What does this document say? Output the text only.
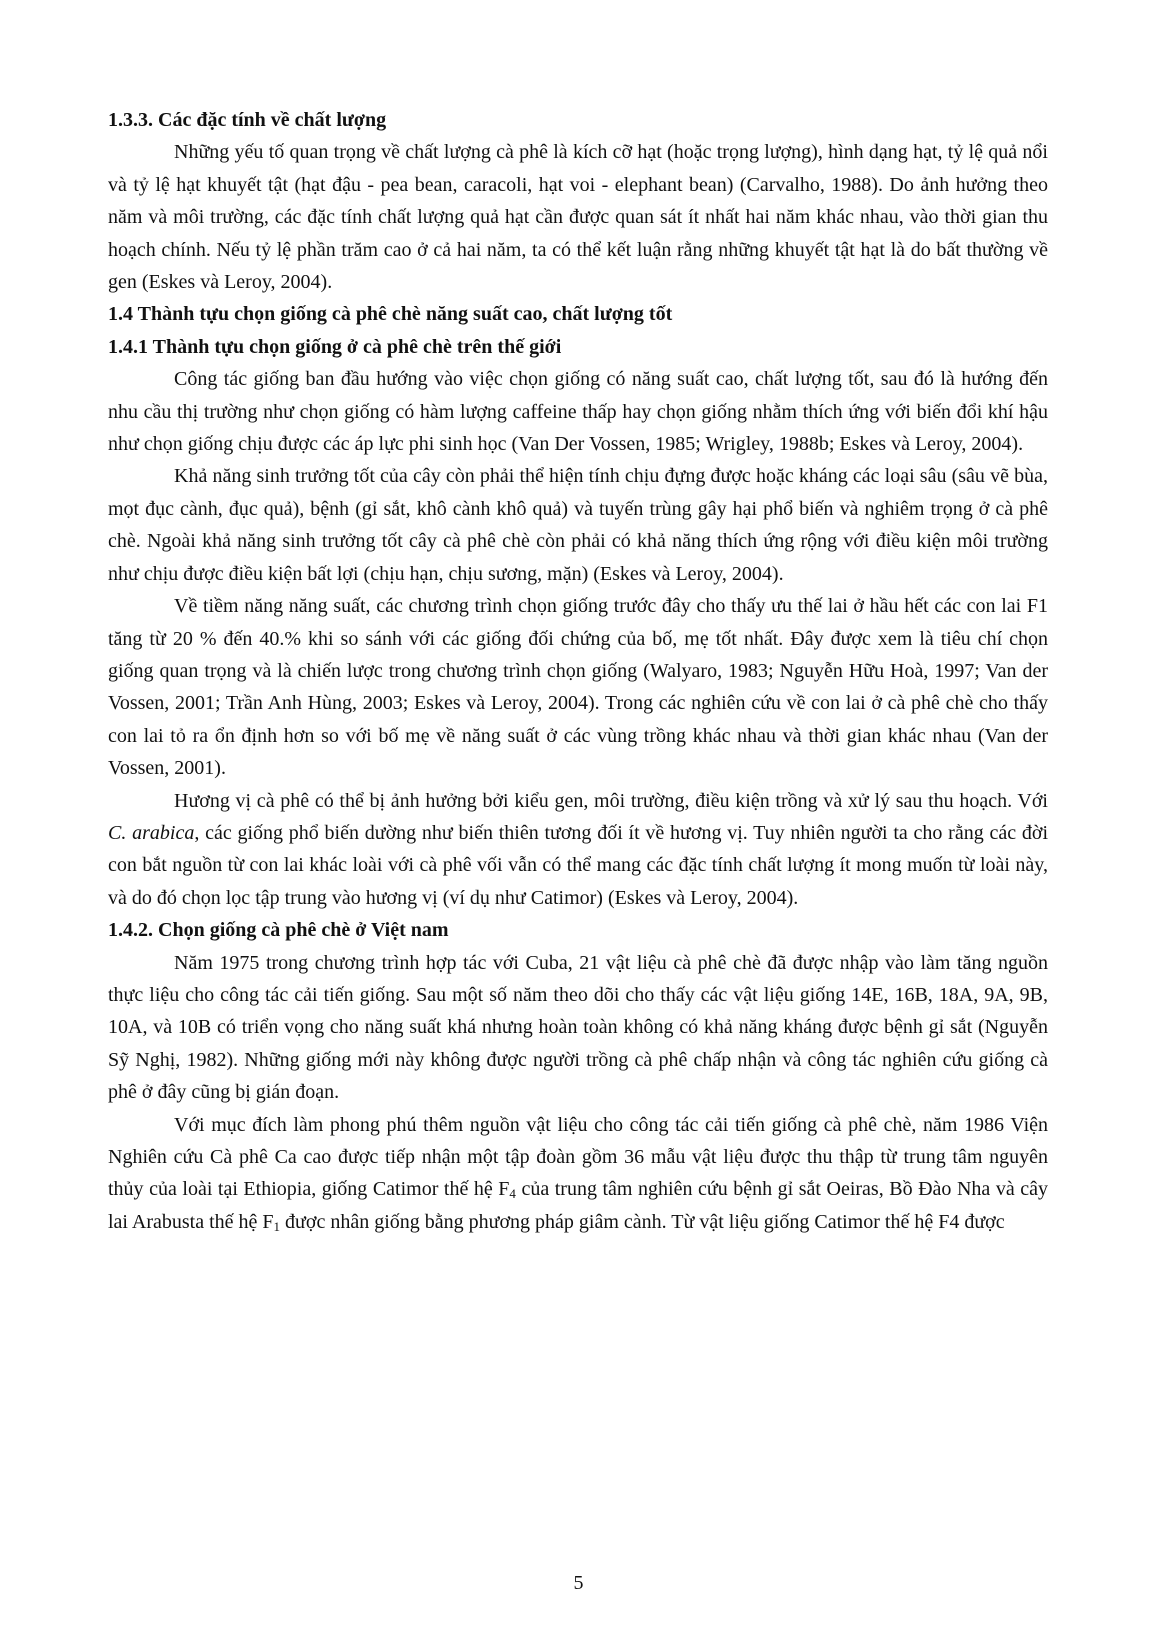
1.3.3. Các đặc tính về chất lượng

Những yếu tố quan trọng về chất lượng cà phê là kích cỡ hạt (hoặc trọng lượng), hình dạng hạt, tỷ lệ quả nổi và tỷ lệ hạt khuyết tật (hạt đậu - pea bean, caracoli, hạt voi - elephant bean) (Carvalho, 1988). Do ảnh hưởng theo năm và môi trường, các đặc tính chất lượng quả hạt cần được quan sát ít nhất hai năm khác nhau, vào thời gian thu hoạch chính. Nếu tỷ lệ phần trăm cao ở cả hai năm, ta có thể kết luận rằng những khuyết tật hạt là do bất thường về gen (Eskes và Leroy, 2004).

1.4 Thành tựu chọn giống cà phê chè năng suất cao, chất lượng tốt

1.4.1 Thành tựu chọn giống ở cà phê chè trên thế giới

Công tác giống ban đầu hướng vào việc chọn giống có năng suất cao, chất lượng tốt, sau đó là hướng đến nhu cầu thị trường như chọn giống có hàm lượng caffeine thấp hay chọn giống nhằm thích ứng với biến đổi khí hậu như chọn giống chịu được các áp lực phi sinh học (Van Der Vossen, 1985; Wrigley, 1988b; Eskes và Leroy, 2004).

Khả năng sinh trưởng tốt của cây còn phải thể hiện tính chịu đựng được hoặc kháng các loại sâu (sâu vẽ bùa, mọt đục cành, đục quả), bệnh (gỉ sắt, khô cành khô quả) và tuyến trùng gây hại phổ biến và nghiêm trọng ở cà phê chè. Ngoài khả năng sinh trưởng tốt cây cà phê chè còn phải có khả năng thích ứng rộng với điều kiện môi trường như chịu được điều kiện bất lợi (chịu hạn, chịu sương, mặn) (Eskes và Leroy, 2004).

Về tiềm năng năng suất, các chương trình chọn giống trước đây cho thấy ưu thế lai ở hầu hết các con lai F1 tăng từ 20 % đến 40.% khi so sánh với các giống đối chứng của bố, mẹ tốt nhất. Đây được xem là tiêu chí chọn giống quan trọng và là chiến lược trong chương trình chọn giống (Walyaro, 1983; Nguyễn Hữu Hoà, 1997; Van der Vossen, 2001; Trần Anh Hùng, 2003; Eskes và Leroy, 2004). Trong các nghiên cứu về con lai ở cà phê chè cho thấy con lai tỏ ra ổn định hơn so với bố mẹ về năng suất ở các vùng trồng khác nhau và thời gian khác nhau (Van der Vossen, 2001).

Hương vị cà phê có thể bị ảnh hưởng bởi kiểu gen, môi trường, điều kiện trồng và xử lý sau thu hoạch. Với C. arabica, các giống phổ biến dường như biến thiên tương đối ít về hương vị. Tuy nhiên người ta cho rằng các đời con bắt nguồn từ con lai khác loài với cà phê vối vẫn có thể mang các đặc tính chất lượng ít mong muốn từ loài này, và do đó chọn lọc tập trung vào hương vị (ví dụ như Catimor) (Eskes và Leroy, 2004).

1.4.2. Chọn giống cà phê chè ở Việt nam

Năm 1975 trong chương trình hợp tác với Cuba, 21 vật liệu cà phê chè đã được nhập vào làm tăng nguồn thực liệu cho công tác cải tiến giống. Sau một số năm theo dõi cho thấy các vật liệu giống 14E, 16B, 18A, 9A, 9B, 10A, và 10B có triển vọng cho năng suất khá nhưng hoàn toàn không có khả năng kháng được bệnh gỉ sắt (Nguyễn Sỹ Nghị, 1982). Những giống mới này không được người trồng cà phê chấp nhận và công tác nghiên cứu giống cà phê ở đây cũng bị gián đoạn.

Với mục đích làm phong phú thêm nguồn vật liệu cho công tác cải tiến giống cà phê chè, năm 1986 Viện Nghiên cứu Cà phê Ca cao được tiếp nhận một tập đoàn gồm 36 mẫu vật liệu được thu thập từ trung tâm nguyên thủy của loài tại Ethiopia, giống Catimor thế hệ $F_4$ của trung tâm nghiên cứu bệnh gỉ sắt Oeiras, Bồ Đào Nha và cây lai Arabusta thế hệ $F_1$ được nhân giống bằng phương pháp giâm cành. Từ vật liệu giống Catimor thế hệ F4 được

5
